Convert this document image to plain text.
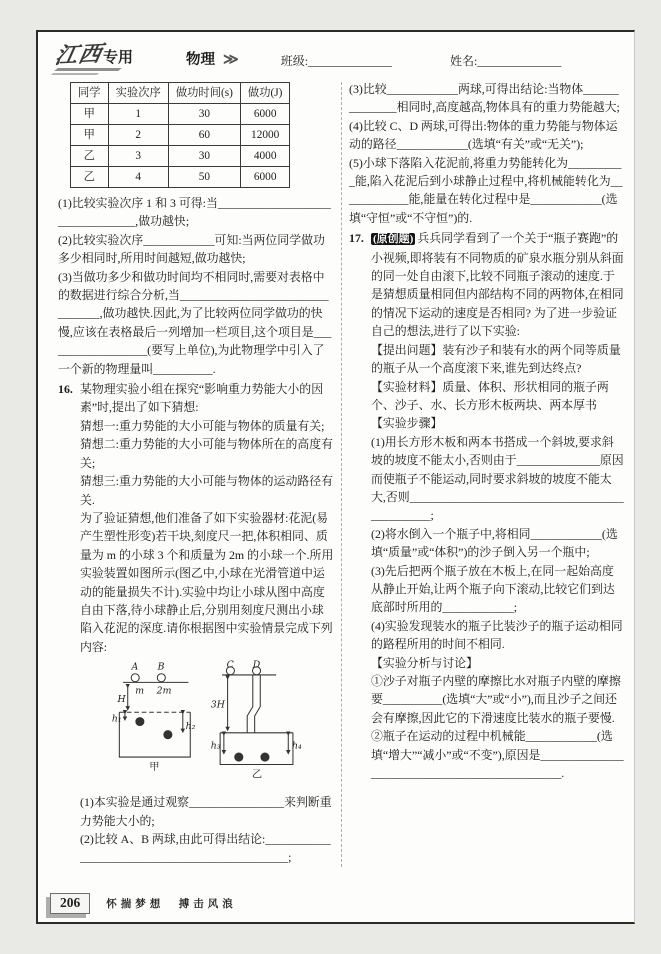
江西专用	物理 ≫	班级:______________	姓名:______________
同学	实验次序	做功时间(s)	做功(J)
甲	1	30	6000
甲	2	60	12000
乙	3	30	4000
乙	4	50	6000

(1)比较实验次序 1 和 3 可得:当________________________________,做功越快;

(2)比较实验次序____________可知:当两位同学做功多少相同时,所用时间越短,做功越快;

(3)当做功多少和做功时间均不相同时,需要对表格中的数据进行综合分析,当________________________________,做功越快.因此,为了比较两位同学做功的快慢,应该在表格最后一列增加一栏项目,这个项目是__________________(要写上单位),为此物理学中引入了一个新的物理量叫__________.

16. 某物理实验小组在探究“影响重力势能大小的因素”时,提出了如下猜想:

猜想一:重力势能的大小可能与物体的质量有关;

猜想二:重力势能的大小可能与物体所在的高度有关;

猜想三:重力势能的大小可能与物体的运动路径有关.

为了验证猜想,他们准备了如下实验器材:花泥(易产生塑性形变)若干块,刻度尺一把,体积相同、质量为 m 的小球 3 个和质量为 2m 的小球一个.所用实验装置如图所示(图乙中,小球在光滑管道中运动的能量损失不计).实验中均让小球从图中高度自由下落,待小球静止后,分别用刻度尺测出小球陷入花泥的深度.请你根据图中实验情景完成下列内容:

A B
m 2m
H
h₁
h₂
C D
3H
h₃	h₄
甲
乙

(1)本实验是通过观察________________来判断重力势能大小的;

(2)比较 A、B 两球,由此可得出结论:______________________________________________;

(3)比较____________两球,可得出结论:当物体______________相同时,高度越高,物体具有的重力势能越大;

(4)比较 C、D 两球,可得出:物体的重力势能与物体运动的路径____________(选填“有关”或“无关”);

(5)小球下落陷入花泥前,将重力势能转化为__________能,陷入花泥后到小球静止过程中,将机械能转化为____________能,能量在转化过程中是____________(选填“守恒”或“不守恒”)的.

17. (原创题) 兵兵同学看到了一个关于“瓶子赛跑”的小视频,即将装有不同物质的矿泉水瓶分别从斜面的同一处自由滚下,比较不同瓶子滚动的速度.于是猜想质量相同但内部结构不同的两物体,在相同的情况下运动的速度是否相同? 为了进一步验证自己的想法,进行了以下实验:

【提出问题】装有沙子和装有水的两个同等质量的瓶子从一个高度滚下来,谁先到达终点?

【实验材料】质量、体积、形状相同的瓶子两个、沙子、水、长方形木板两块、两本厚书

【实验步骤】

(1)用长方形木板和两本书搭成一个斜坡,要求斜坡的坡度不能太小,否则由于______________原因而使瓶子不能运动,同时要求斜坡的坡度不能太大,否则______________________________________________;

(2)将水倒入一个瓶子中,将相同____________(选填“质量”或“体积”)的沙子倒入另一个瓶中;

(3)先后把两个瓶子放在木板上,在同一起始高度从静止开始,让两个瓶子向下滚动,比较它们到达底部时所用的____________;

(4)实验发现装水的瓶子比装沙子的瓶子运动相同的路程所用的时间不相同.

【实验分析与讨论】

①沙子对瓶子内壁的摩擦比水对瓶子内壁的摩擦要__________(选填“大”或“小”),而且沙子之间还会有摩擦,因此它的下滑速度比装水的瓶子要慢.

②瓶子在运动的过程中机械能____________(选填“增大”“减小”或“不变”),原因是______________________________________________.

206	怀揣梦想　搏击风浪
